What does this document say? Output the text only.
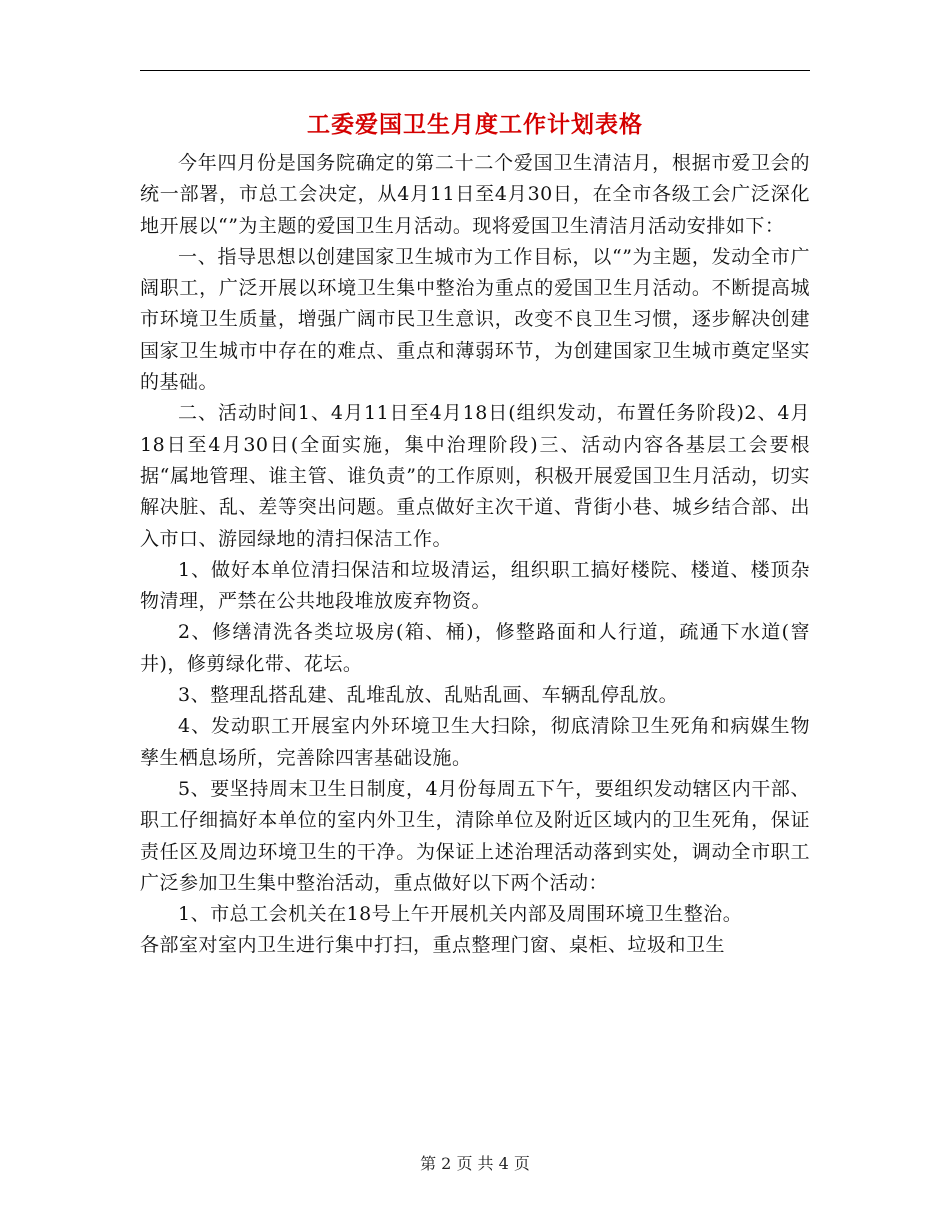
工委爱国卫生月度工作计划表格

今年四月份是国务院确定的第二十二个爱国卫生清洁月，根据市爱卫会的统一部署，市总工会决定，从4月11日至4月30日，在全市各级工会广泛深化地开展以“”为主题的爱国卫生月活动。现将爱国卫生清洁月活动安排如下：

一、指导思想以创建国家卫生城市为工作目标，以“”为主题，发动全市广阔职工，广泛开展以环境卫生集中整治为重点的爱国卫生月活动。不断提高城市环境卫生质量，增强广阔市民卫生意识，改变不良卫生习惯，逐步解决创建国家卫生城市中存在的难点、重点和薄弱环节，为创建国家卫生城市奠定坚实的基础。

二、活动时间1、4月11日至4月18日(组织发动，布置任务阶段)2、4月18日至4月30日(全面实施，集中治理阶段)三、活动内容各基层工会要根据“属地管理、谁主管、谁负责”的工作原则，积极开展爱国卫生月活动，切实解决脏、乱、差等突出问题。重点做好主次干道、背街小巷、城乡结合部、出入市口、游园绿地的清扫保洁工作。

1、做好本单位清扫保洁和垃圾清运，组织职工搞好楼院、楼道、楼顶杂物清理，严禁在公共地段堆放废弃物资。

2、修缮清洗各类垃圾房(箱、桶)，修整路面和人行道，疏通下水道(窨井)，修剪绿化带、花坛。

3、整理乱搭乱建、乱堆乱放、乱贴乱画、车辆乱停乱放。

4、发动职工开展室内外环境卫生大扫除，彻底清除卫生死角和病媒生物孳生栖息场所，完善除四害基础设施。

5、要坚持周末卫生日制度，4月份每周五下午，要组织发动辖区内干部、职工仔细搞好本单位的室内外卫生，清除单位及附近区域内的卫生死角，保证责任区及周边环境卫生的干净。为保证上述治理活动落到实处，调动全市职工广泛参加卫生集中整治活动，重点做好以下两个活动：

1、市总工会机关在18号上午开展机关内部及周围环境卫生整治。

各部室对室内卫生进行集中打扫，重点整理门窗、桌柜、垃圾和卫生

第 2 页 共 4 页
